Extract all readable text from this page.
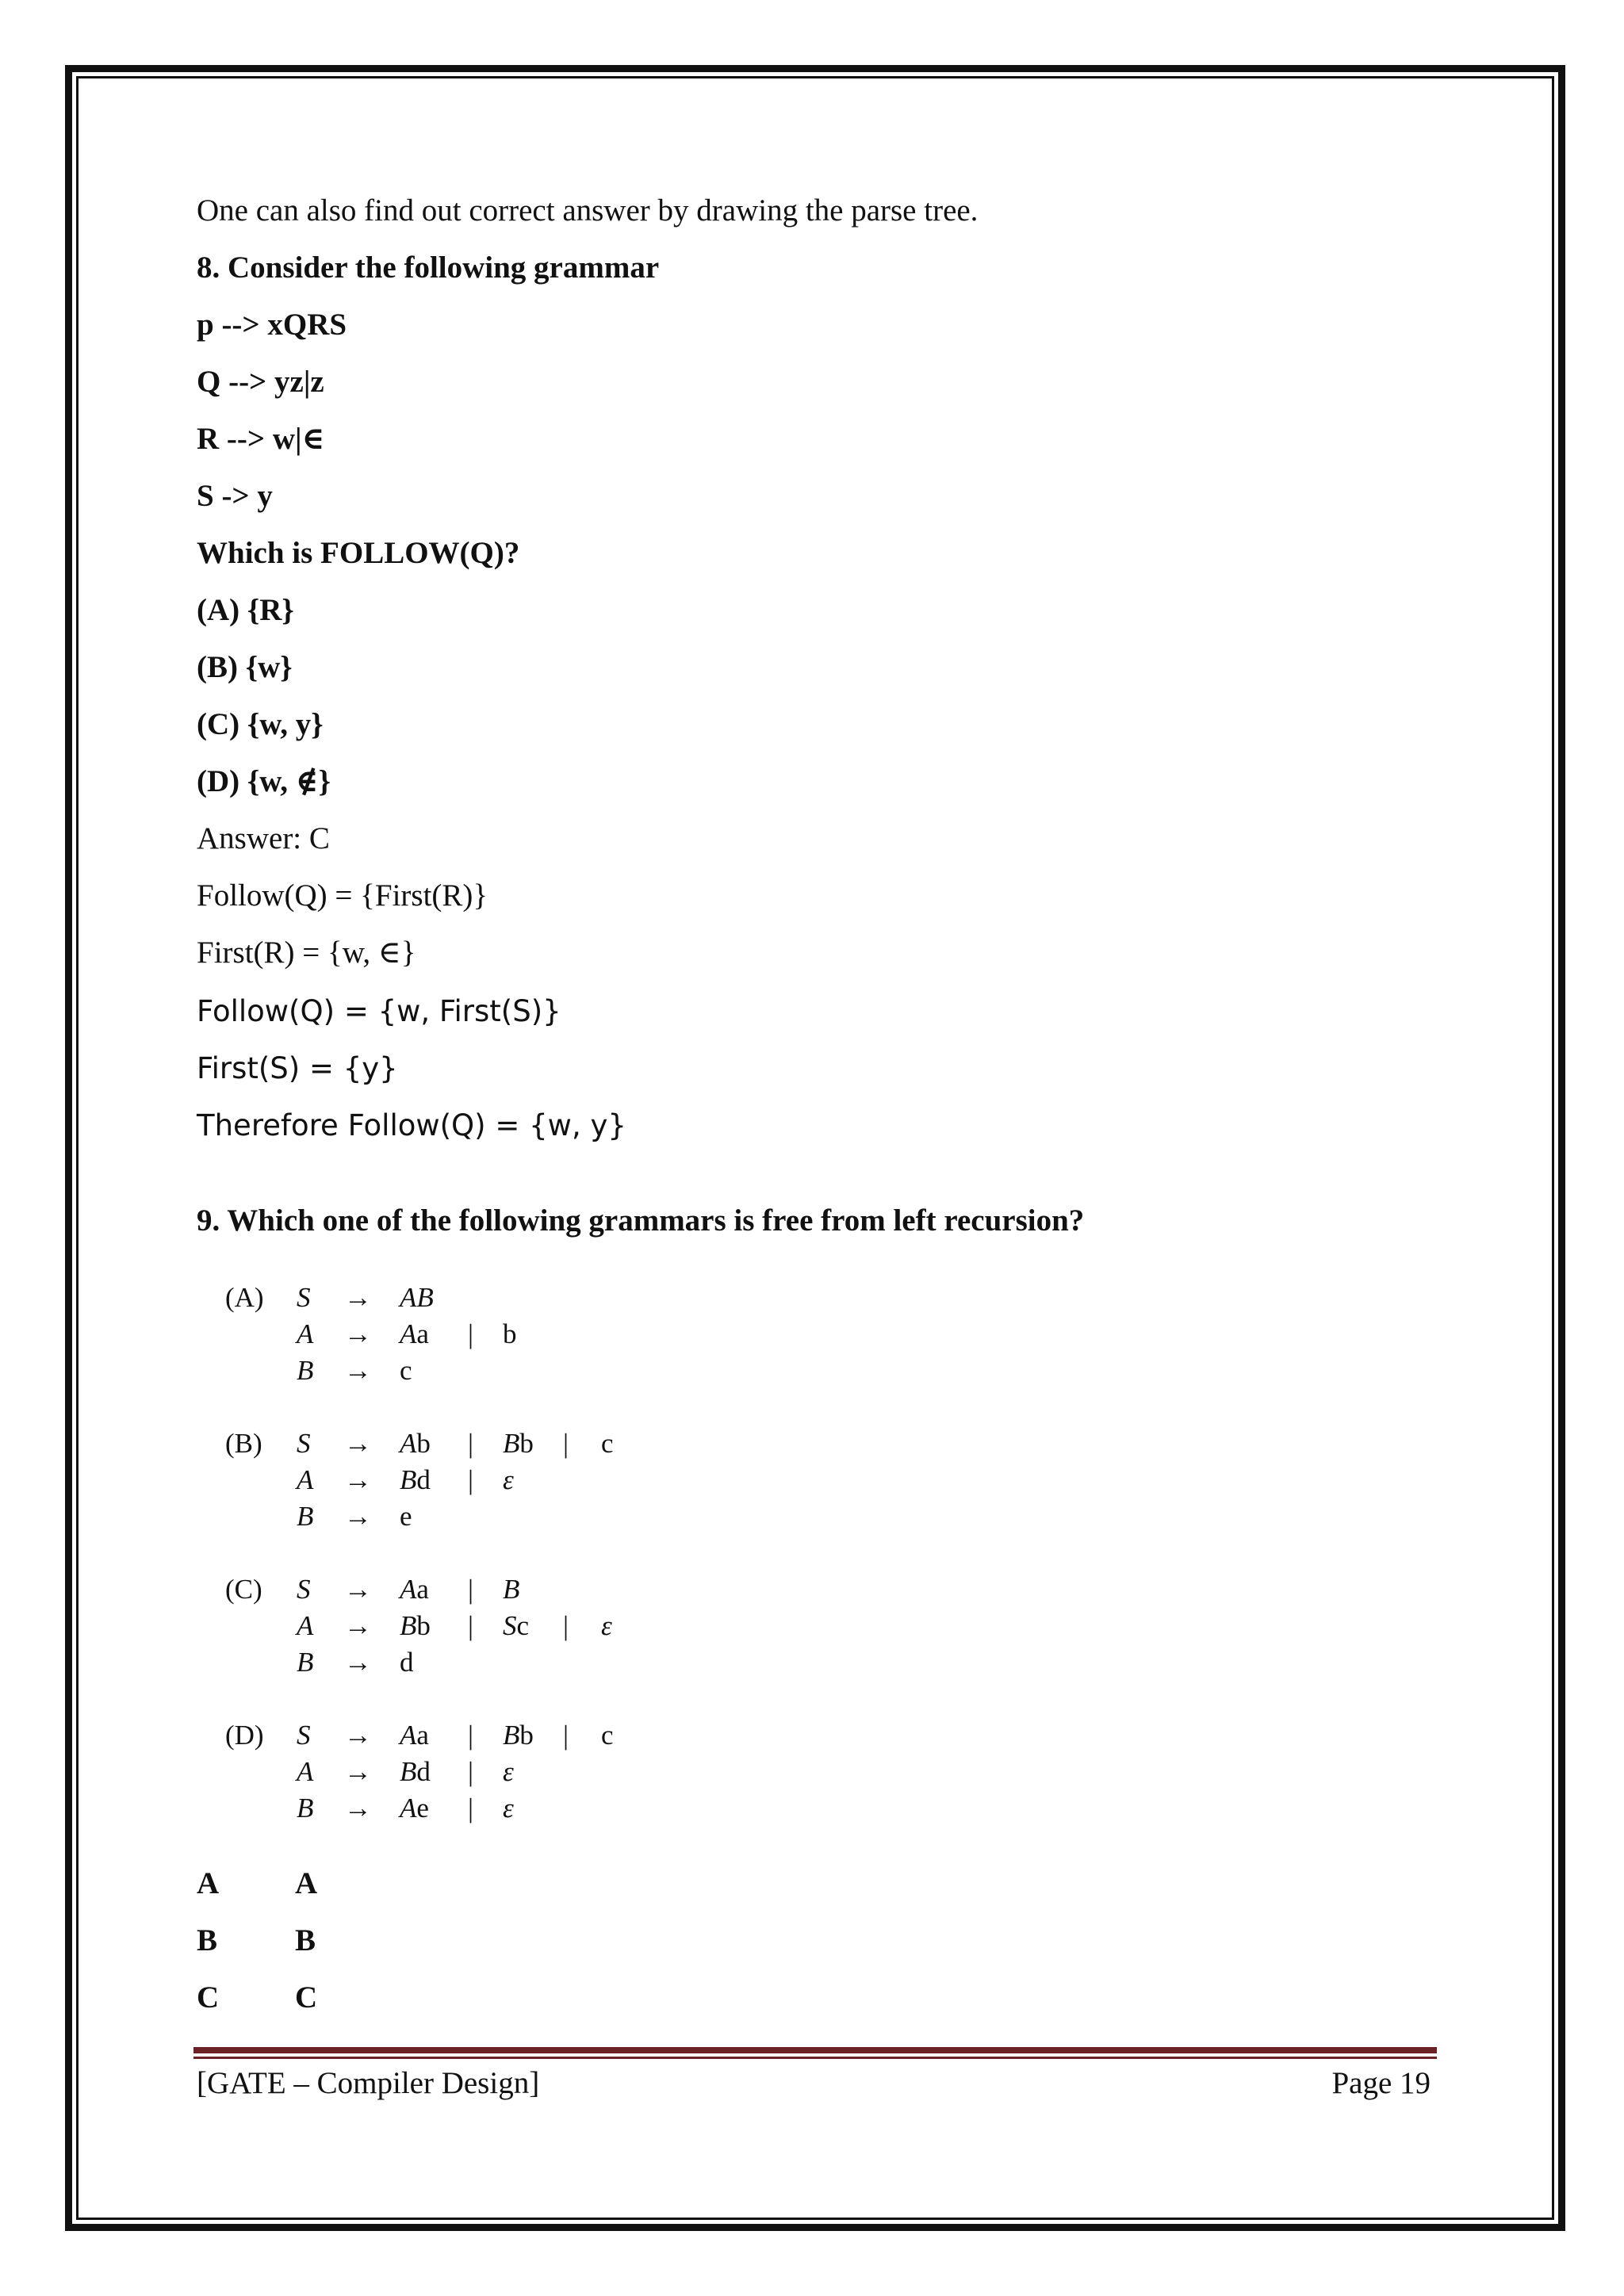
One can also find out correct answer by drawing the parse tree.
8. Consider the following grammar
p --> xQRS
Q --> yz|z
R --> w|∈
S -> y
Which is FOLLOW(Q)?
(A) {R}
(B) {w}
(C) {w, y}
(D) {w, ∉}
Answer: C
Follow(Q) = {First(R)}
First(R) = {w, ∈}
Follow(Q) = {w, First(S)}
First(S) = {y}
Therefore Follow(Q) = {w, y}
9. Which one of the following grammars is free from left recursion?
(A) S → AB
A → Aa | b
B → c
(B) S → Ab | Bb | c
A → Bd | ε
B → e
(C) S → Aa | B
A → Bb | Sc | ε
B → d
(D) S → Aa | Bb | c
A → Bd | ε
B → Ae | ε
A A
B	B
C C
[GATE – Compiler Design]	Page 19
